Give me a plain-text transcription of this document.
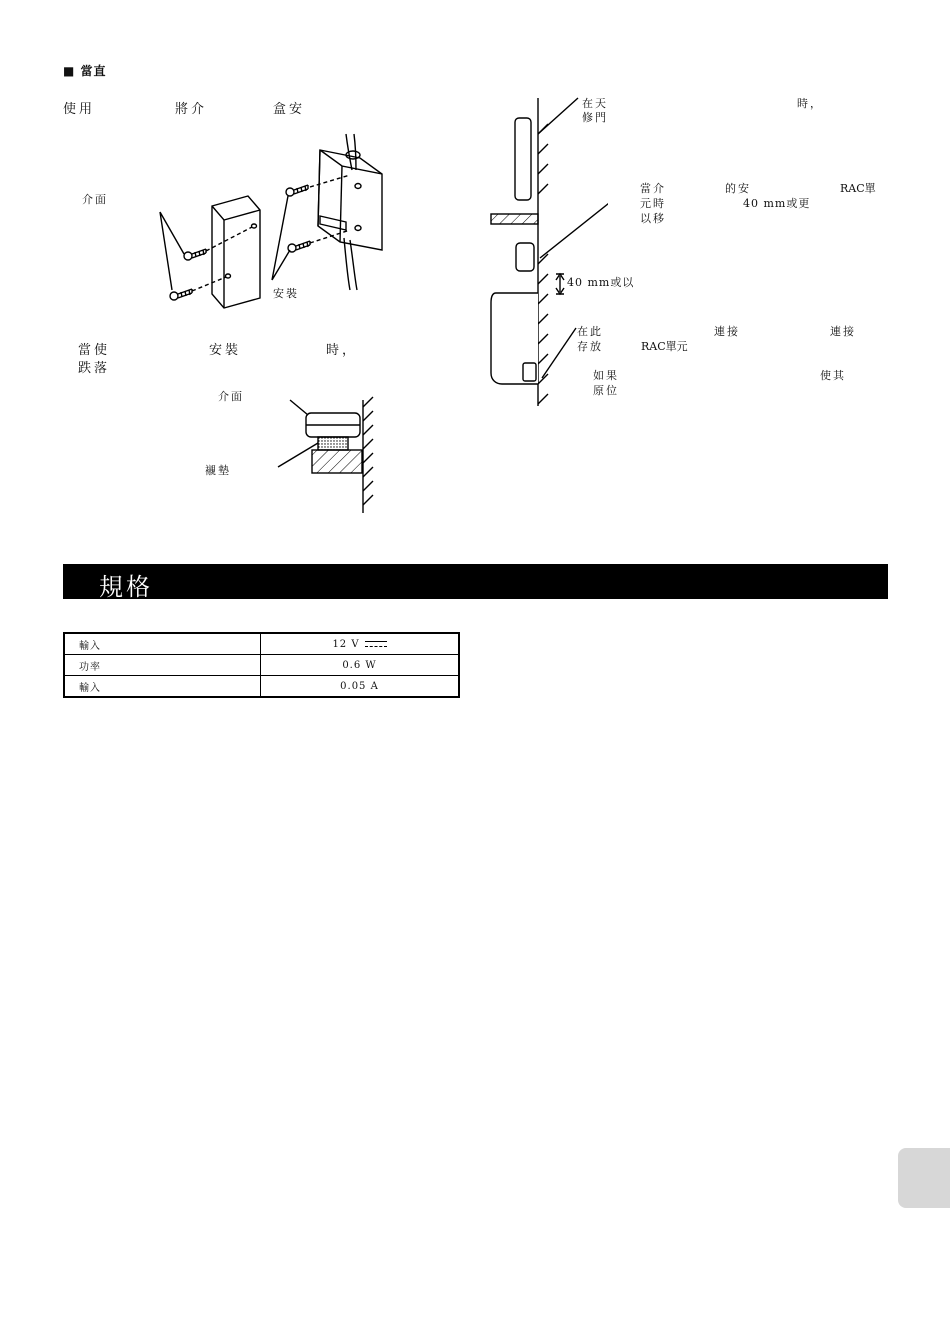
■ 當直
使用	將介	盒安
介面
安裝
當使	安裝	時，
跌落
介面
襯墊
在天	時，
修門
當介	的安	RAC單
元時	40 mm或更
以移
40 mm或以
在此	連接	連接
存放	RAC單元
如果	使其
原位
規格
輸入	12 V
功率	0.6 W
輸入	0.05 A
